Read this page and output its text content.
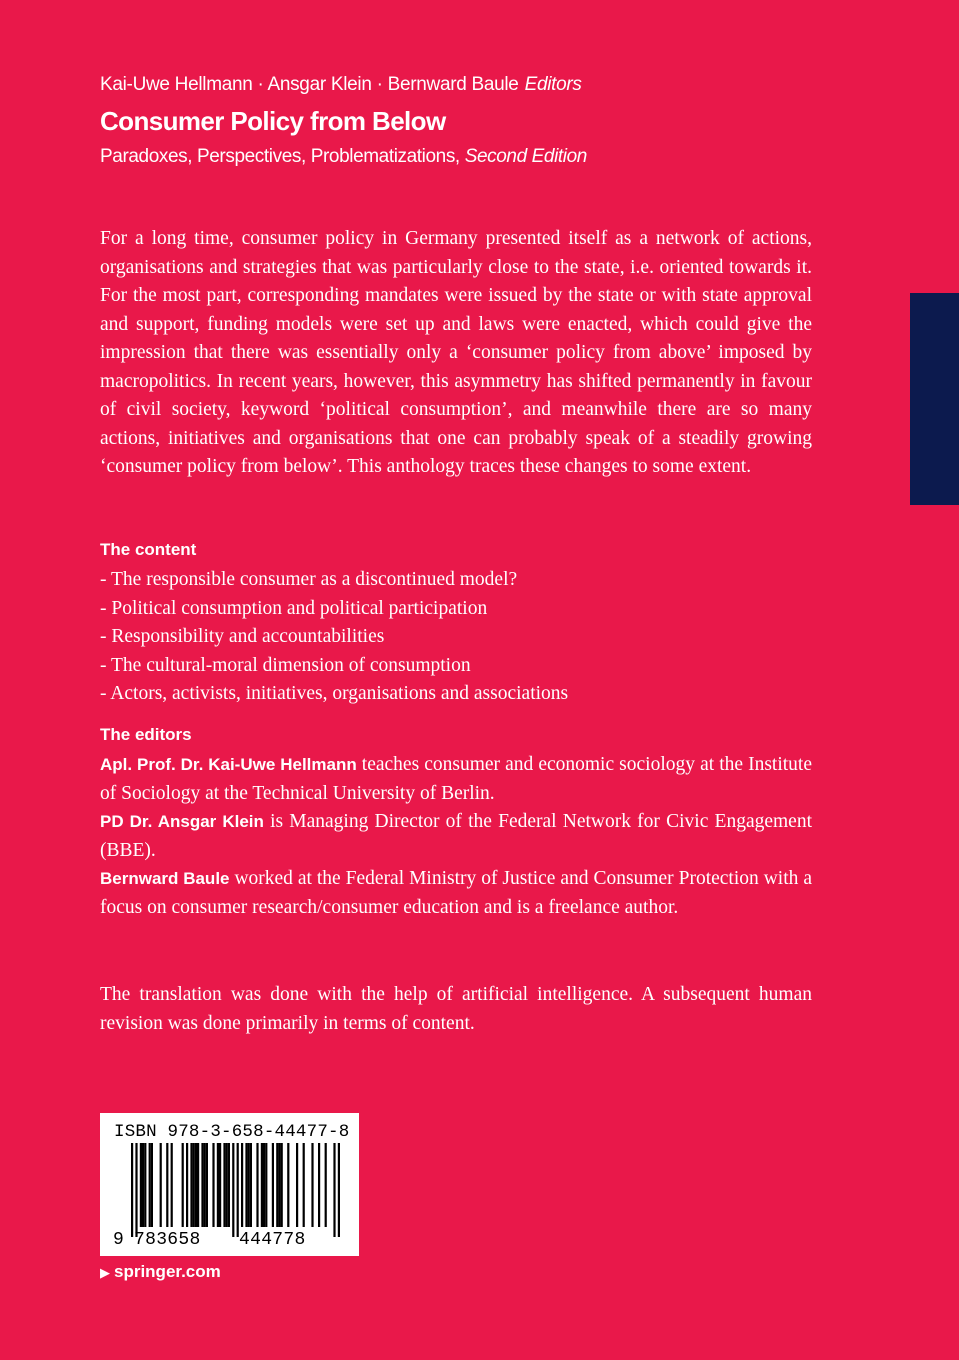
Kai-Uwe Hellmann · Ansgar Klein · Bernward Baule Editors
Consumer Policy from Below
Paradoxes, Perspectives, Problematizations, Second Edition

For a long time, consumer policy in Germany presented itself as a network of actions, organisations and strategies that was particularly close to the state, i.e. oriented towards it. For the most part, corresponding mandates were issued by the state or with state approval and support, funding models were set up and laws were enacted, which could give the impression that there was essentially only a ‘consumer policy from above’ imposed by macropolitics. In recent years, however, this asymmetry has shifted permanently in favour of civil society, keyword ‘political consumption’, and meanwhile there are so many actions, initiatives and organisations that one can probably speak of a steadily growing ‘consumer policy from below’. This anthology traces these changes to some extent.

The content
- The responsible consumer as a discontinued model?
- Political consumption and political participation
- Responsibility and accountabilities
- The cultural-moral dimension of consumption
- Actors, activists, initiatives, organisations and associations
The editors

Apl. Prof. Dr. Kai-Uwe Hellmann teaches consumer and economic sociology at the Institute of Sociology at the Technical University of Berlin.

PD Dr. Ansgar Klein is Managing Director of the Federal Network for Civic Engagement (BBE).

Bernward Baule worked at the Federal Ministry of Justice and Consumer Protection with a focus on consumer research/consumer education and is a freelance author.

The translation was done with the help of artificial intelligence. A subsequent human revision was done primarily in terms of content.

ISBN 978-3-658-44477-8
9 783658 444778
▶ springer.com
